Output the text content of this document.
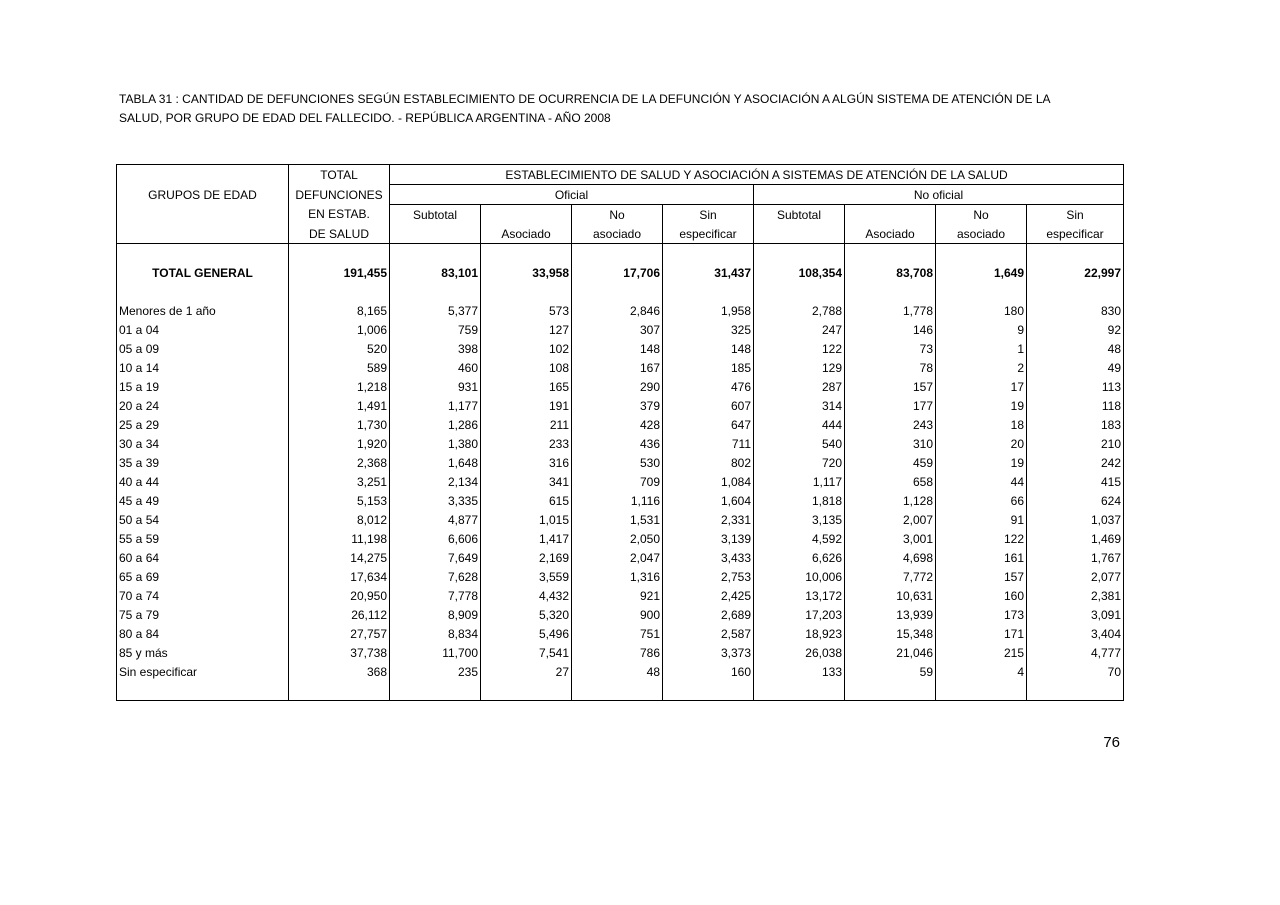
TABLA 31 : CANTIDAD DE DEFUNCIONES SEGÚN ESTABLECIMIENTO DE OCURRENCIA DE LA DEFUNCIÓN Y ASOCIACIÓN A ALGÚN SISTEMA DE ATENCIÓN DE LA
SALUD, POR GRUPO DE EDAD DEL FALLECIDO. - REPÚBLICA ARGENTINA - AÑO 2008
	TOTAL	ESTABLECIMIENTO DE SALUD Y ASOCIACIÓN A SISTEMAS DE ATENCIÓN DE LA SALUD							
GRUPOS DE EDAD	DEFUNCIONES	Oficial				No oficial			
	EN ESTAB.	Subtotal		No	Sin	Subtotal		No	Sin
	DE SALUD		Asociado	asociado	especificar		Asociado	asociado	especificar

TOTAL GENERAL	191,455	83,101	33,958	17,706	31,437	108,354	83,708	1,649	22,997

Menores de 1 año	8,165	5,377	573	2,846	1,958	2,788	1,778	180	830
01 a 04	1,006	759	127	307	325	247	146	9	92
05 a 09	520	398	102	148	148	122	73	1	48
10 a 14	589	460	108	167	185	129	78	2	49
15 a 19	1,218	931	165	290	476	287	157	17	113
20 a 24	1,491	1,177	191	379	607	314	177	19	118
25 a 29	1,730	1,286	211	428	647	444	243	18	183
30 a 34	1,920	1,380	233	436	711	540	310	20	210
35 a 39	2,368	1,648	316	530	802	720	459	19	242
40 a 44	3,251	2,134	341	709	1,084	1,117	658	44	415
45 a 49	5,153	3,335	615	1,116	1,604	1,818	1,128	66	624
50 a 54	8,012	4,877	1,015	1,531	2,331	3,135	2,007	91	1,037
55 a 59	11,198	6,606	1,417	2,050	3,139	4,592	3,001	122	1,469
60 a 64	14,275	7,649	2,169	2,047	3,433	6,626	4,698	161	1,767
65 a 69	17,634	7,628	3,559	1,316	2,753	10,006	7,772	157	2,077
70 a 74	20,950	7,778	4,432	921	2,425	13,172	10,631	160	2,381
75 a 79	26,112	8,909	5,320	900	2,689	17,203	13,939	173	3,091
80 a 84	27,757	8,834	5,496	751	2,587	18,923	15,348	171	3,404
85 y más	37,738	11,700	7,541	786	3,373	26,038	21,046	215	4,777
Sin especificar	368	235	27	48	160	133	59	4	70

76
